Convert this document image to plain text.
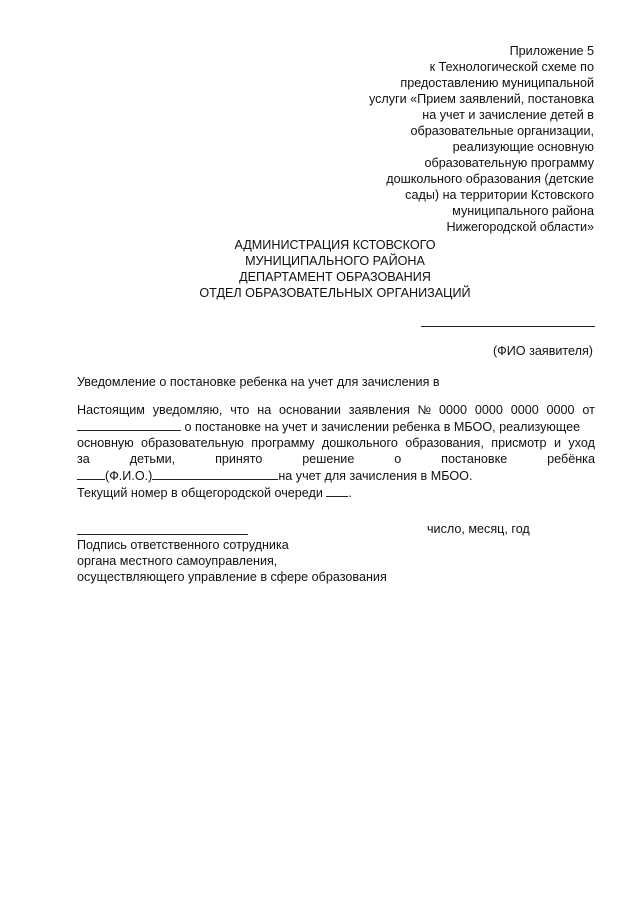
Приложение 5
к Технологической схеме по
предоставлению муниципальной
услуги «Прием заявлений, постановка
на учет и зачисление детей в
образовательные организации,
реализующие основную
образовательную программу
дошкольного образования (детские
сады) на территории Кстовского
муниципального района
Нижегородской области»
АДМИНИСТРАЦИЯ КСТОВСКОГО
МУНИЦИПАЛЬНОГО РАЙОНА
ДЕПАРТАМЕНТ ОБРАЗОВАНИЯ
ОТДЕЛ ОБРАЗОВАТЕЛЬНЫХ ОРГАНИЗАЦИЙ
(ФИО заявителя)
Уведомление о постановке ребенка на учет для зачисления в
Настоящим уведомляю, что на основании заявления № 0000 0000 0000 0000 от
о постановке на учет и зачислении ребенка в МБОО, реализующее
основную образовательную программу дошкольного образования, присмотр и уход
за	детьми,	принято	решение	о	постановке	ребёнка
(Ф.И.О.)	на учет для зачисления в МБОО.
Текущий номер в общегородской очереди .
число, месяц, год
Подпись ответственного сотрудника
органа местного самоуправления,
осуществляющего управление в сфере образования
